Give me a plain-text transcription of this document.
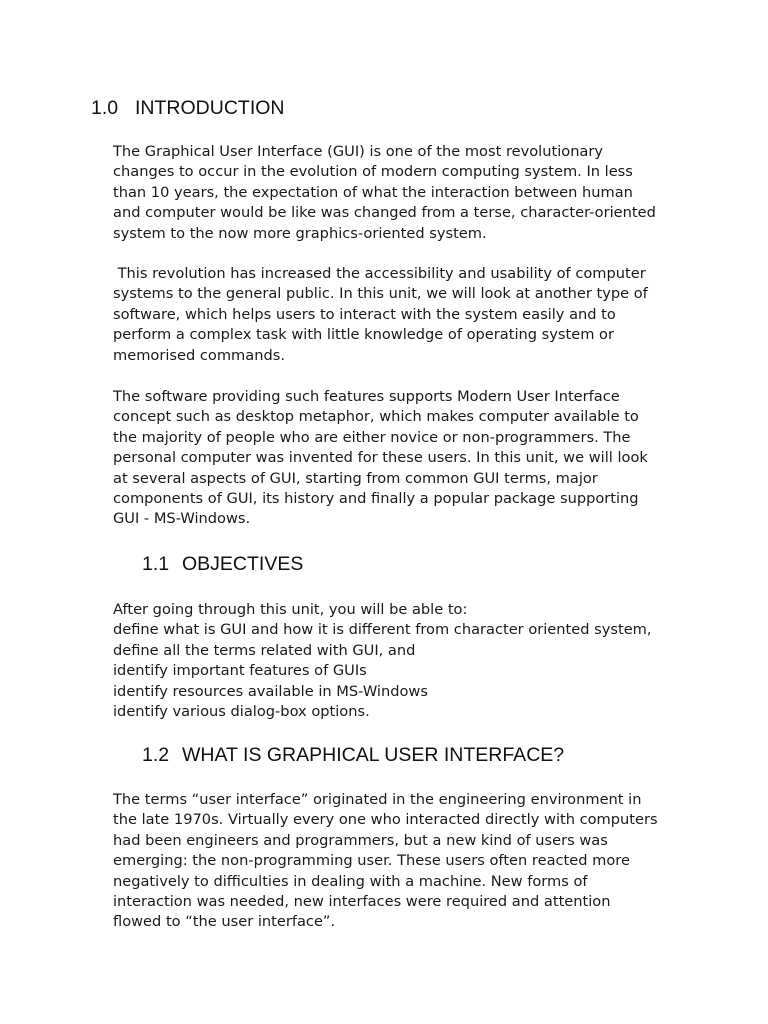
1.0 INTRODUCTION

The Graphical User Interface (GUI) is one of the most revolutionary
changes to occur in the evolution of modern computing system. In less
than 10 years, the expectation of what the interaction between human
and computer would be like was changed from a terse, character-oriented
system to the now more graphics-oriented system.

This revolution has increased the accessibility and usability of computer
systems to the general public. In this unit, we will look at another type of
software, which helps users to interact with the system easily and to
perform a complex task with little knowledge of operating system or
memorised commands.

The software providing such features supports Modern User Interface
concept such as desktop metaphor, which makes computer available to
the majority of people who are either novice or non-programmers. The
personal computer was invented for these users. In this unit, we will look
at several aspects of GUI, starting from common GUI terms, major
components of GUI, its history and finally a popular package supporting
GUI - MS-Windows.

1.1 OBJECTIVES

After going through this unit, you will be able to:
define what is GUI and how it is different from character oriented system,
define all the terms related with GUI, and
identify important features of GUIs
identify resources available in MS-Windows
identify various dialog-box options.

1.2 WHAT IS GRAPHICAL USER INTERFACE?

The terms “user interface” originated in the engineering environment in
the late 1970s. Virtually every one who interacted directly with computers
had been engineers and programmers, but a new kind of users was
emerging: the non-programming user. These users often reacted more
negatively to difficulties in dealing with a machine. New forms of
interaction was needed, new interfaces were required and attention
flowed to “the user interface”.
